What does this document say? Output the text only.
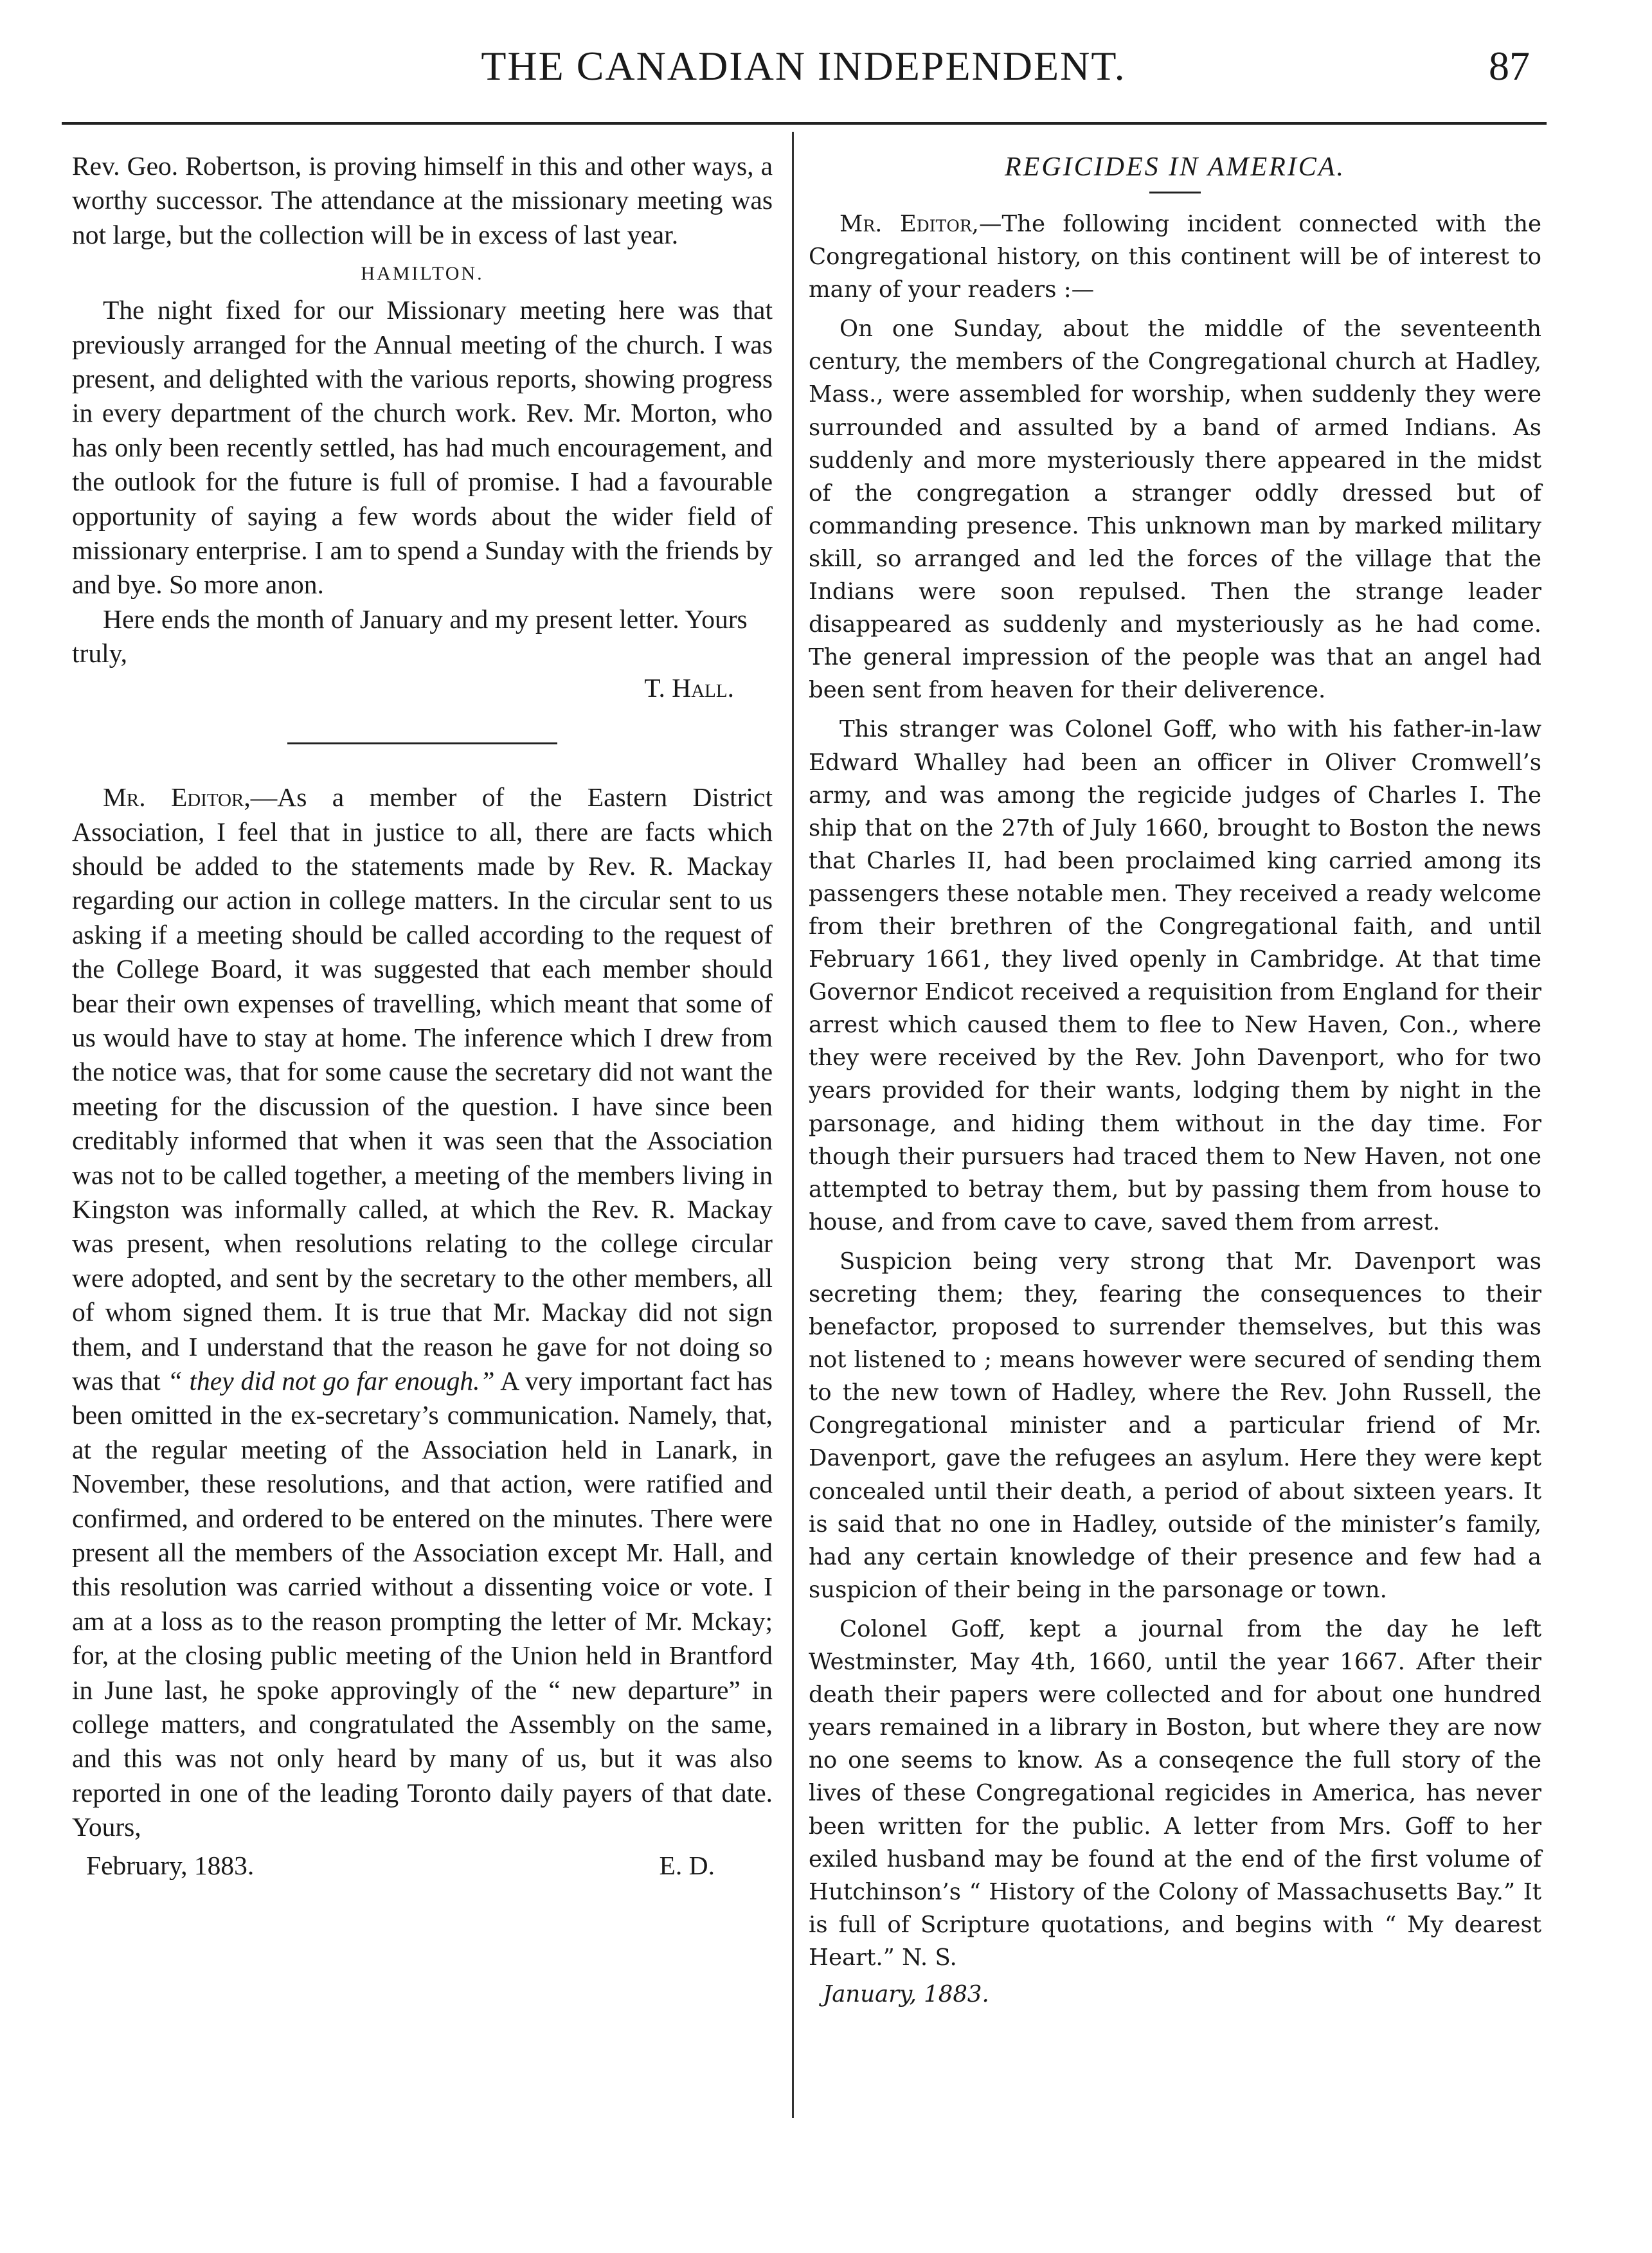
THE CANADIAN INDEPENDENT.	87

Rev. Geo. Robertson, is proving himself in this and other ways, a worthy successor. The attendance at the missionary meeting was not large, but the collection will be in excess of last year.

HAMILTON.

The night fixed for our Missionary meeting here was that previously arranged for the Annual meeting of the church. I was present, and delighted with the various reports, showing progress in every department of the church work. Rev. Mr. Morton, who has only been recently settled, has had much encouragement, and the outlook for the future is full of promise. I had a favourable opportunity of saying a few words about the wider field of missionary enterprise. I am to spend a Sunday with the friends by and bye. So more anon.

Here ends the month of January and my present letter. Yours truly,
T. Hall.

Mr. Editor,—As a member of the Eastern District Association, I feel that in justice to all, there are facts which should be added to the statements made by Rev. R. Mackay regarding our action in college matters. In the circular sent to us asking if a meeting should be called according to the request of the College Board, it was suggested that each member should bear their own expenses of travelling, which meant that some of us would have to stay at home. The inference which I drew from the notice was, that for some cause the secretary did not want the meeting for the discussion of the question. I have since been creditably informed that when it was seen that the Association was not to be called together, a meeting of the members living in Kingston was informally called, at which the Rev. R. Mackay was present, when resolutions relating to the college circular were adopted, and sent by the secretary to the other members, all of whom signed them. It is true that Mr. Mackay did not sign them, and I understand that the reason he gave for not doing so was that “ they did not go far enough.” A very important fact has been omitted in the ex-secretary’s communication. Namely, that, at the regular meeting of the Association held in Lanark, in November, these resolutions, and that action, were ratified and confirmed, and ordered to be entered on the minutes. There were present all the members of the Association except Mr. Hall, and this resolution was carried without a dissenting voice or vote. I am at a loss as to the reason prompting the letter of Mr. Mckay; for, at the closing public meeting of the Union held in Brantford in June last, he spoke approvingly of the “ new departure” in college matters, and congratulated the Assembly on the same, and this was not only heard by many of us, but it was also reported in one of the leading Toronto daily payers of that date. Yours,

February, 1883.	E. D.
REGICIDES IN AMERICA.

Mr. Editor,—The following incident connected with the Congregational history, on this continent will be of interest to many of your readers :—

On one Sunday, about the middle of the seventeenth century, the members of the Congregational church at Hadley, Mass., were assembled for worship, when suddenly they were surrounded and assulted by a band of armed Indians. As suddenly and more mysteriously there appeared in the midst of the congregation a stranger oddly dressed but of commanding presence. This unknown man by marked military skill, so arranged and led the forces of the village that the Indians were soon repulsed. Then the strange leader disappeared as suddenly and mysteriously as he had come. The general impression of the people was that an angel had been sent from heaven for their deliverence.

This stranger was Colonel Goff, who with his father-in-law Edward Whalley had been an officer in Oliver Cromwell’s army, and was among the regicide judges of Charles I. The ship that on the 27th of July 1660, brought to Boston the news that Charles II, had been proclaimed king carried among its passengers these notable men. They received a ready welcome from their brethren of the Congregational faith, and until February 1661, they lived openly in Cambridge. At that time Governor Endicot received a requisition from England for their arrest which caused them to flee to New Haven, Con., where they were received by the Rev. John Davenport, who for two years provided for their wants, lodging them by night in the parsonage, and hiding them without in the day time. For though their pursuers had traced them to New Haven, not one attempted to betray them, but by passing them from house to house, and from cave to cave, saved them from arrest.

Suspicion being very strong that Mr. Davenport was secreting them; they, fearing the consequences to their benefactor, proposed to surrender themselves, but this was not listened to ; means however were secured of sending them to the new town of Hadley, where the Rev. John Russell, the Congregational minister and a particular friend of Mr. Davenport, gave the refugees an asylum. Here they were kept concealed until their death, a period of about sixteen years. It is said that no one in Hadley, outside of the minister’s family, had any certain knowledge of their presence and few had a suspicion of their being in the parsonage or town.

Colonel Goff, kept a journal from the day he left Westminster, May 4th, 1660, until the year 1667. After their death their papers were collected and for about one hundred years remained in a library in Boston, but where they are now no one seems to know. As a conseqence the full story of the lives of these Congregational regicides in America, has never been written for the public. A letter from Mrs. Goff to her exiled husband may be found at the end of the first volume of Hutchinson’s “ History of the Colony of Massachusetts Bay.” It is full of Scripture quotations, and begins with “ My dearest Heart.” N. S.

January, 1883.
